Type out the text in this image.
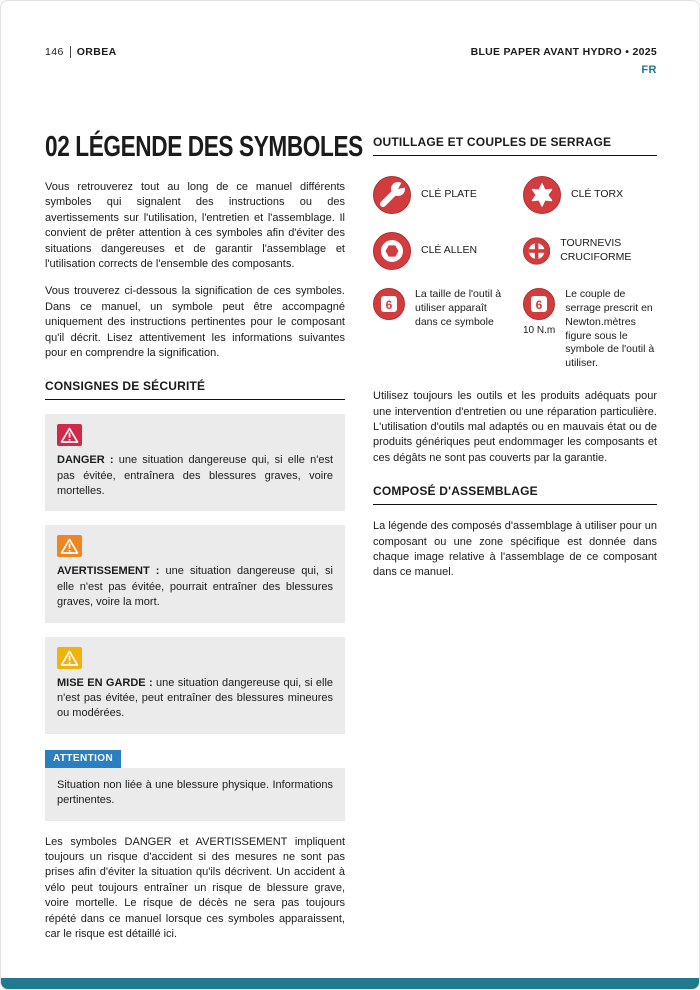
146 ORBEA	BLUE PAPER AVANT HYDRO • 2025
FR
02 LÉGENDE DES SYMBOLES

Vous retrouverez tout au long de ce manuel différents symboles qui signalent des instructions ou des avertissements sur l'utilisation, l'entretien et l'assemblage. Il convient de prêter attention à ces symboles afin d'éviter des situations dangereuses et de garantir l'assemblage et l'utilisation corrects de l'ensemble des composants.

Vous trouverez ci-dessous la signification de ces symboles. Dans ce manuel, un symbole peut être accompagné uniquement des instructions pertinentes pour le composant qu'il décrit. Lisez attentivement les informations suivantes pour en comprendre la signification.

CONSIGNES DE SÉCURITÉ

DANGER : une situation dangereuse qui, si elle n'est pas évitée, entraînera des blessures graves, voire mortelles.

AVERTISSEMENT : une situation dangereuse qui, si elle n'est pas évitée, pourrait entraîner des blessures graves, voire la mort.

MISE EN GARDE : une situation dangereuse qui, si elle n'est pas évitée, peut entraîner des blessures mineures ou modérées.

ATTENTION

Situation non liée à une blessure physique. Informations pertinentes.

Les symboles DANGER et AVERTISSEMENT impliquent toujours un risque d'accident si des mesures ne sont pas prises afin d'éviter la situation qu'ils décrivent. Un accident à vélo peut toujours entraîner un risque de blessure grave, voire mortelle. Le risque de décès ne sera pas toujours répété dans ce manuel lorsque ces symboles apparaissent, car le risque est détaillé ici.

OUTILLAGE ET COUPLES DE SERRAGE
CLÉ PLATE	CLÉ TORX
CLÉ ALLEN
TOURNEVIS CRUCIFORME
6
La taille de l'outil à utiliser apparaît dans ce symbole
6
10 N.m
Le couple de serrage prescrit en Newton.mètres figure sous le symbole de l'outil à utiliser.

Utilisez toujours les outils et les produits adéquats pour une intervention d'entretien ou une réparation particulière. L'utilisation d'outils mal adaptés ou en mauvais état ou de produits génériques peut endommager les composants et ces dégâts ne sont pas couverts par la garantie.

COMPOSÉ D'ASSEMBLAGE

La légende des composés d'assemblage à utiliser pour un composant ou une zone spécifique est donnée dans chaque image relative à l'assemblage de ce composant dans ce manuel.
